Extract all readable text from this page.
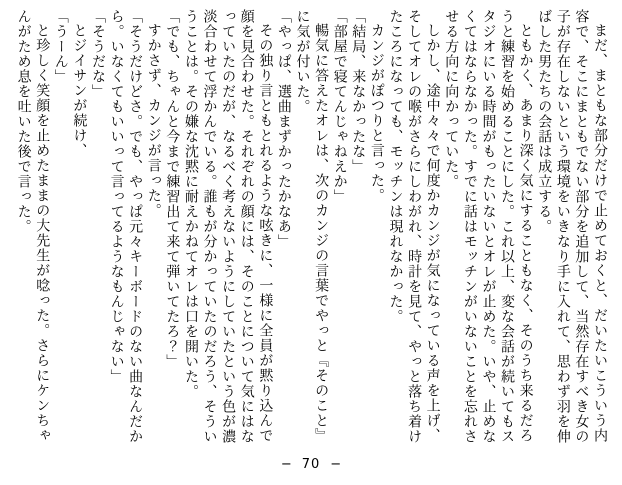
まだ、まともな部分だけで止めておくと、だいたいこういう内容で、そこにまともでない部分を追加して、当然存在すべき女の子が存在しないという環境をいきなり手に入れて、思わず羽を伸ばした男たちの会話は成立する。

ともかく、あまり深く気にすることもなく、そのうち来るだろうと練習を始めることにした。これ以上、変な会話が続いてもスタジオにいる時間がもったいないとオレが止めた。いや、止めなくてはならなかった。すでに話はモッチンがいないことを忘れさせる方向に向かっていた。

しかし、途中々々で何度かカンジが気になっている声を上げ、そしてオレの喉がさらにしわがれ、時計を見て、やっと落ち着けたころになっても、モッチンは現れなかった。

カンジがぽつりと言った。

「結局、来なかったな」

「部屋で寝てんじゃねえか」

暢気に答えたオレは、次のカンジの言葉でやっと『そのこと』に気が付いた。

「やっぱ、選曲まずかったかなあ」

その独り言ともとれるような呟きに、一様に全員が黙り込んで顔を見合わせた。それぞれの顔には、そのことについて気にはなっていたのだが、なるべく考えないようにしていたという色が濃淡合わせて浮かんでいる。誰もが分かっていたのだろう、そういうことは。その嫌な沈黙に耐えかねてオレは口を開いた。

「でも、ちゃんと今まで練習出て来て弾いてたろ？」

すかさず、カンジが言った。

「そうだけどさ。でも、やっぱ元々キーボードのない曲なんだから。いなくてもいいって言ってるようなもんじゃない」

「そうだな」

とジイサンが続け、

「うーん」

と珍しく笑顔を止めたままの大先生が唸った。さらにケンちゃんがため息を吐いた後で言った。

− 70 −
